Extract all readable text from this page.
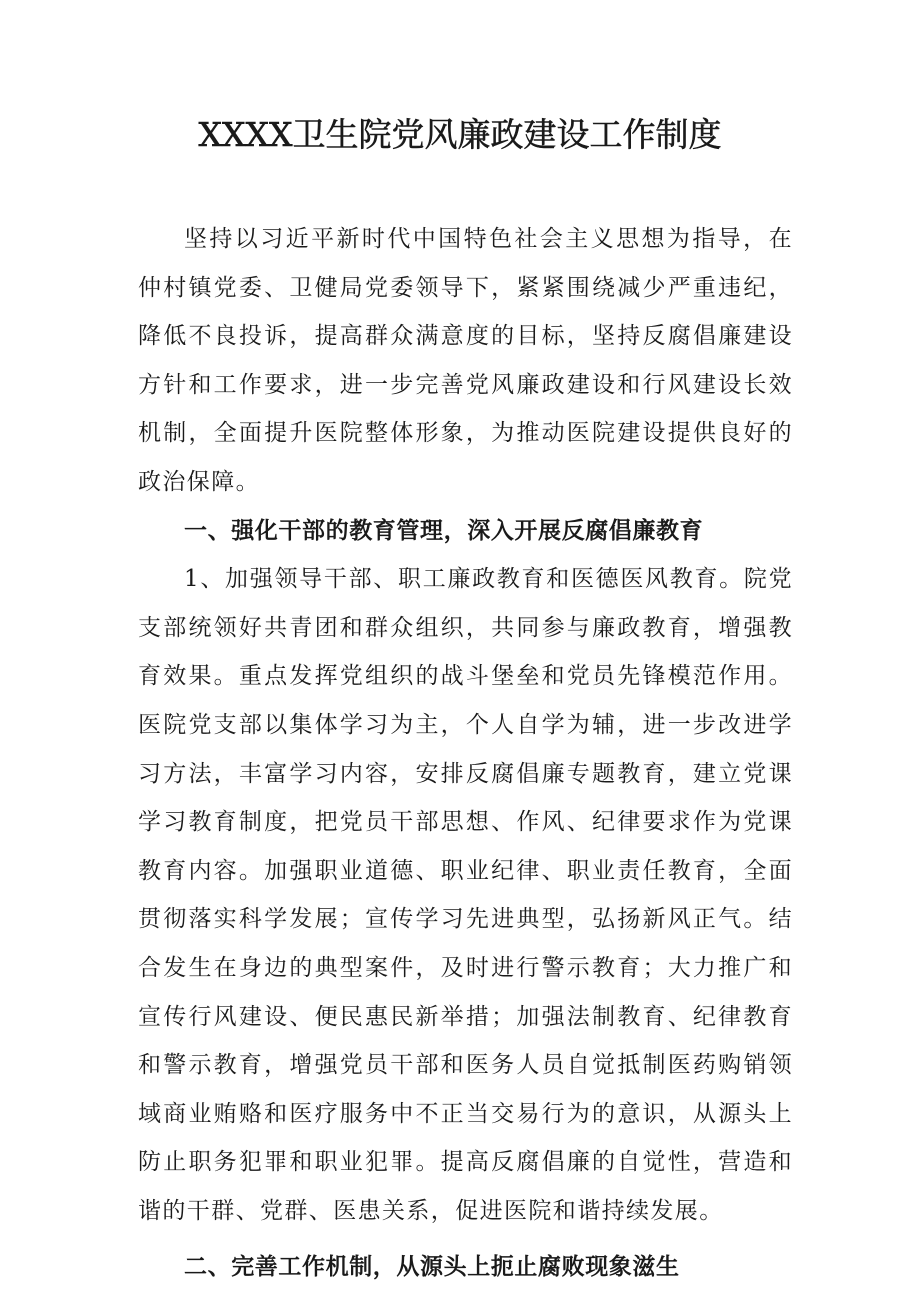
XXXX卫生院党风廉政建设工作制度

坚持以习近平新时代中国特色社会主义思想为指导，在仲村镇党委、卫健局党委领导下，紧紧围绕减少严重违纪，降低不良投诉，提高群众满意度的目标，坚持反腐倡廉建设方针和工作要求，进一步完善党风廉政建设和行风建设长效机制，全面提升医院整体形象，为推动医院建设提供良好的政治保障。

一、强化干部的教育管理，深入开展反腐倡廉教育

1、加强领导干部、职工廉政教育和医德医风教育。院党支部统领好共青团和群众组织，共同参与廉政教育，增强教育效果。重点发挥党组织的战斗堡垒和党员先锋模范作用。医院党支部以集体学习为主，个人自学为辅，进一步改进学习方法，丰富学习内容，安排反腐倡廉专题教育，建立党课学习教育制度，把党员干部思想、作风、纪律要求作为党课教育内容。加强职业道德、职业纪律、职业责任教育，全面贯彻落实科学发展；宣传学习先进典型，弘扬新风正气。结合发生在身边的典型案件，及时进行警示教育；大力推广和宣传行风建设、便民惠民新举措；加强法制教育、纪律教育和警示教育，增强党员干部和医务人员自觉抵制医药购销领域商业贿赂和医疗服务中不正当交易行为的意识，从源头上防止职务犯罪和职业犯罪。提高反腐倡廉的自觉性，营造和谐的干群、党群、医患关系，促进医院和谐持续发展。

二、完善工作机制，从源头上扼止腐败现象滋生
